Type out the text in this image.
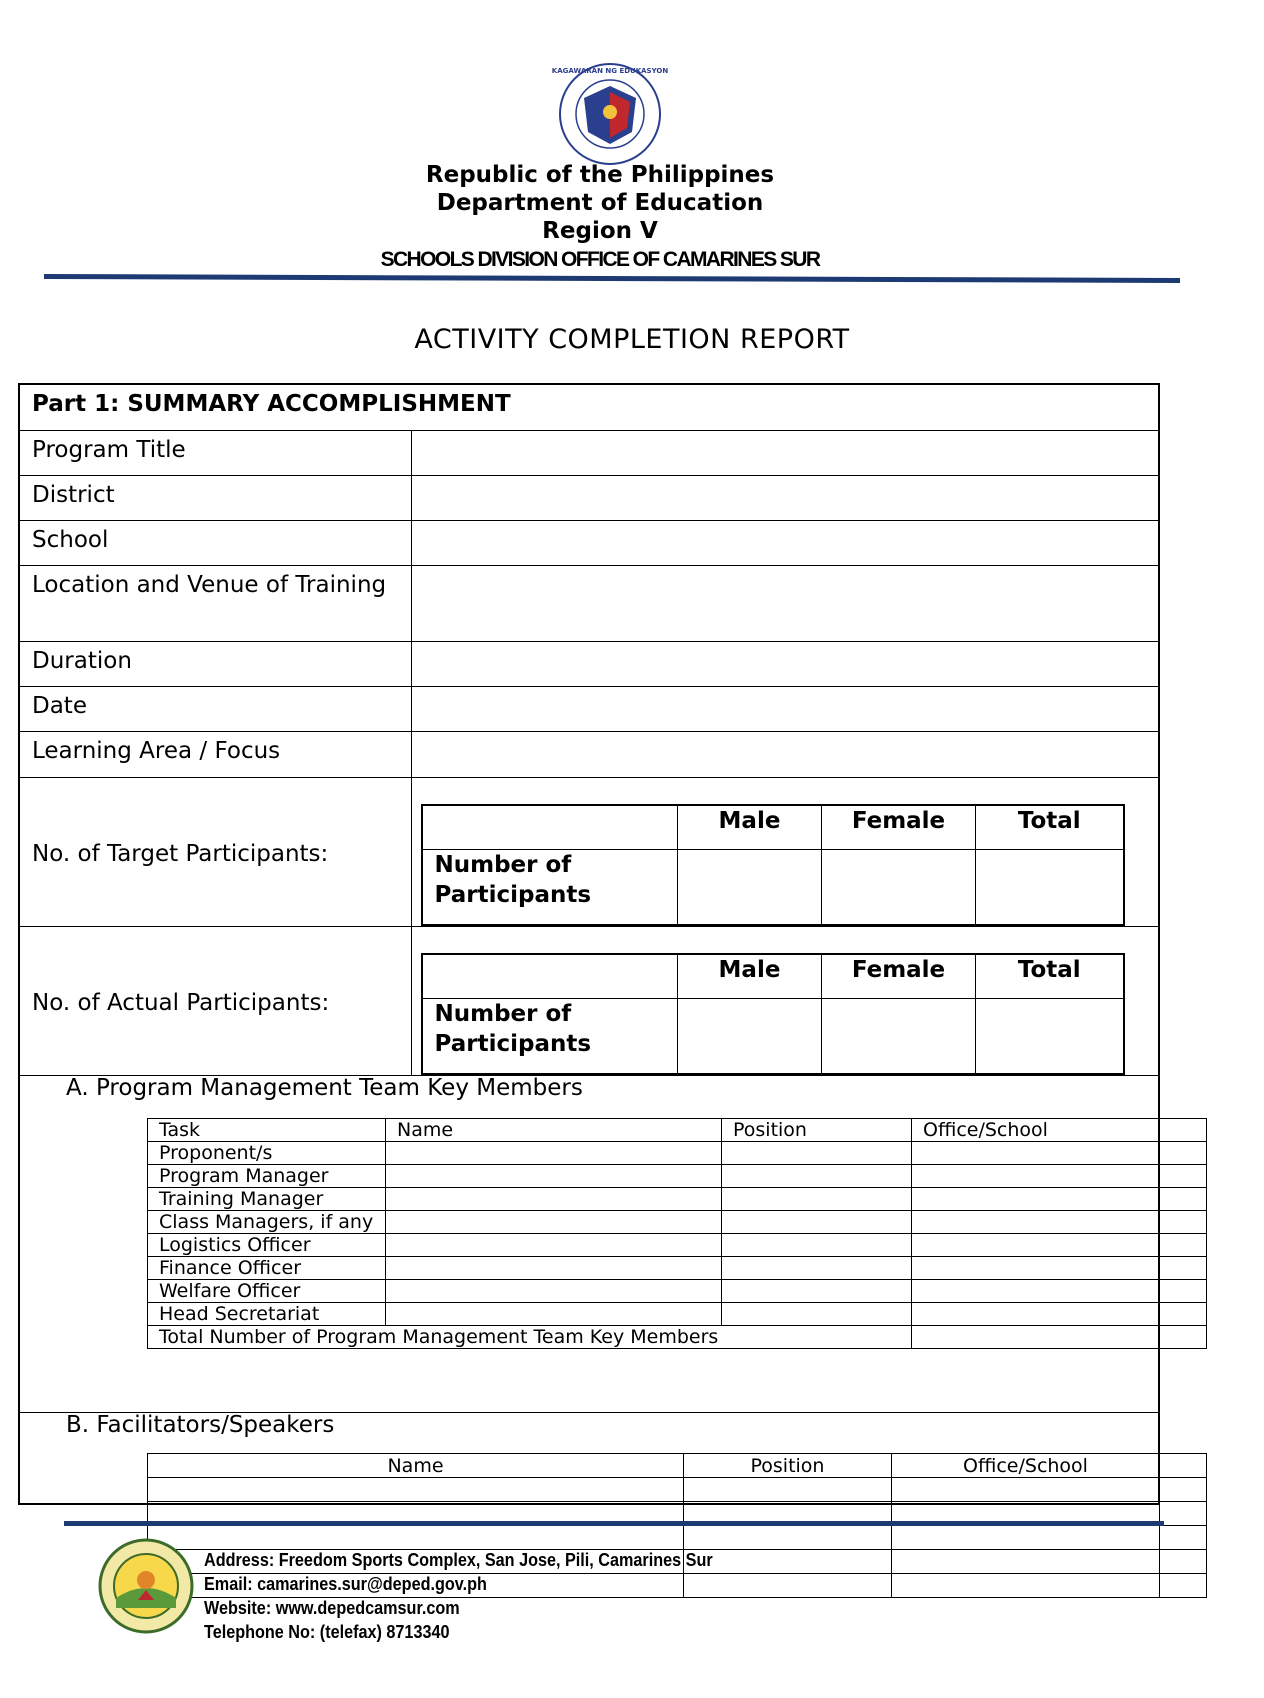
KAGAWARAN NG EDUKASYON
Republic of the Philippines
Department of Education
Region V
SCHOOLS DIVISION OFFICE OF CAMARINES SUR
ACTIVITY COMPLETION REPORT
Part 1: SUMMARY ACCOMPLISHMENT
Program Title	
District	
School	
Location and Venue of Training	
Duration	
Date	
Learning Area / Focus	
No. of Target Participants:	
	Male	Female	Total
Number of Participants			

No. of Actual Participants:	
	Male	Female	Total
Number of Participants			

A. Program Management Team Key Members
Task	Name	Position	Office/School	
Proponent/s				
Program Manager				
Training Manager				
Class Managers, if any				
Logistics Officer				
Finance Officer				
Welfare Officer				
Head Secretariat				
Total Number of Program Management Team Key Members				
B. Facilitators/Speakers
Name	Position	Office/School	

Address: Freedom Sports Complex, San Jose, Pili, Camarines Sur
Email: camarines.sur@deped.gov.ph
Website: www.depedcamsur.com
Telephone No: (telefax) 8713340
